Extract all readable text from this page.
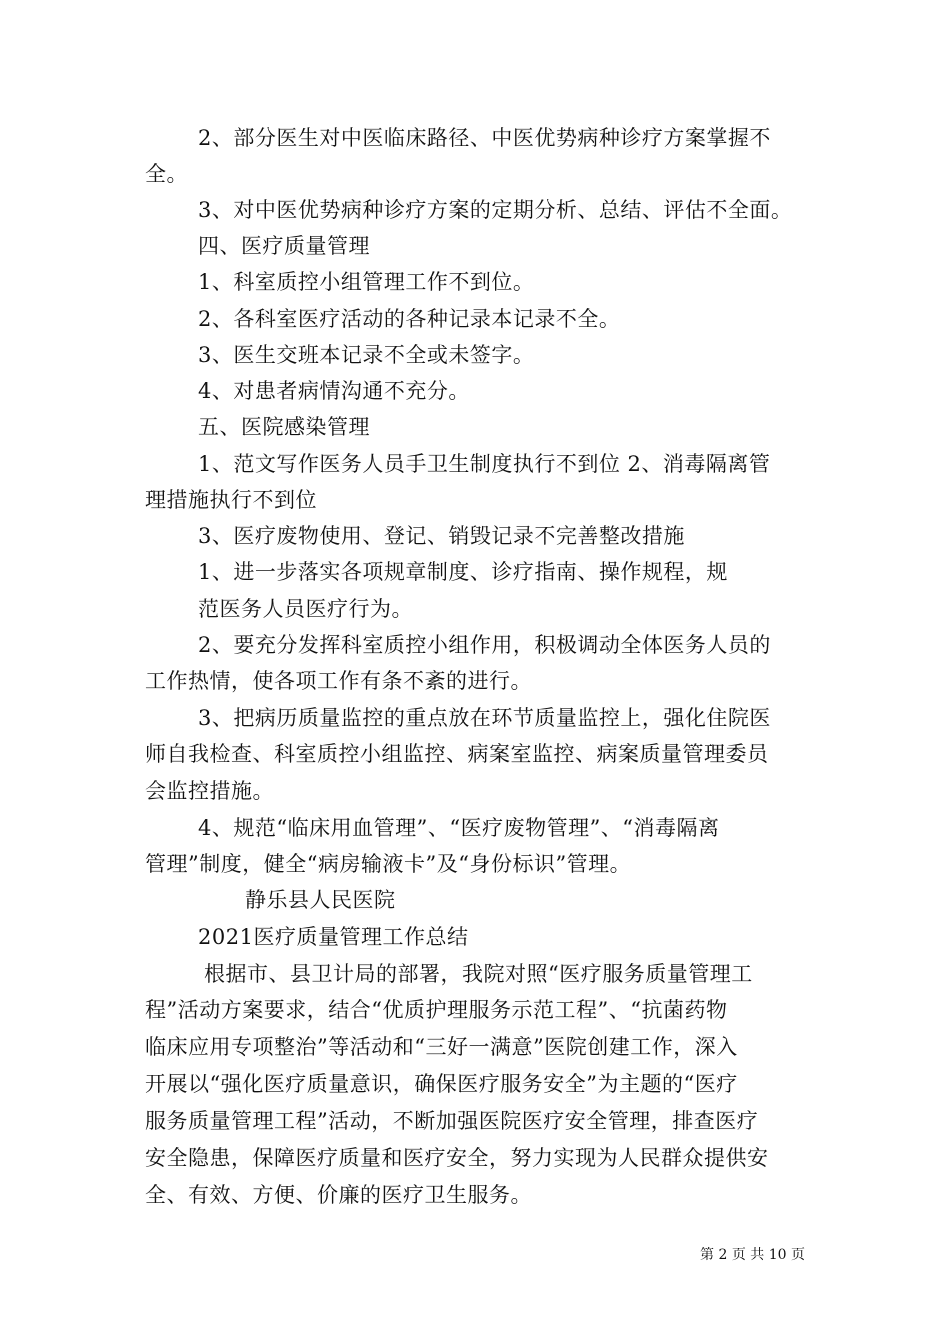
2、部分医生对中医临床路径、中医优势病种诊疗方案掌握不
全。
3、对中医优势病种诊疗方案的定期分析、总结、评估不全面。
四、医疗质量管理
1、科室质控小组管理工作不到位。
2、各科室医疗活动的各种记录本记录不全。
3、医生交班本记录不全或未签字。
4、对患者病情沟通不充分。
五、医院感染管理
1、范文写作医务人员手卫生制度执行不到位 2、消毒隔离管
理措施执行不到位
3、医疗废物使用、登记、销毁记录不完善整改措施
1、进一步落实各项规章制度、诊疗指南、操作规程，规
范医务人员医疗行为。
2、要充分发挥科室质控小组作用，积极调动全体医务人员的
工作热情，使各项工作有条不紊的进行。
3、把病历质量监控的重点放在环节质量监控上，强化住院医
师自我检查、科室质控小组监控、病案室监控、病案质量管理委员
会监控措施。
4、规范“临床用血管理”、“医疗废物管理”、“消毒隔离
管理”制度，健全“病房输液卡”及“身份标识”管理。
静乐县人民医院
2021医疗质量管理工作总结
根据市、县卫计局的部署，我院对照“医疗服务质量管理工
程”活动方案要求，结合“优质护理服务示范工程”、“抗菌药物
临床应用专项整治”等活动和“三好一满意”医院创建工作，深入
开展以“强化医疗质量意识，确保医疗服务安全”为主题的“医疗
服务质量管理工程”活动，不断加强医院医疗安全管理，排查医疗
安全隐患，保障医疗质量和医疗安全，努力实现为人民群众提供安
全、有效、方便、价廉的医疗卫生服务。
第 2 页 共 10 页
